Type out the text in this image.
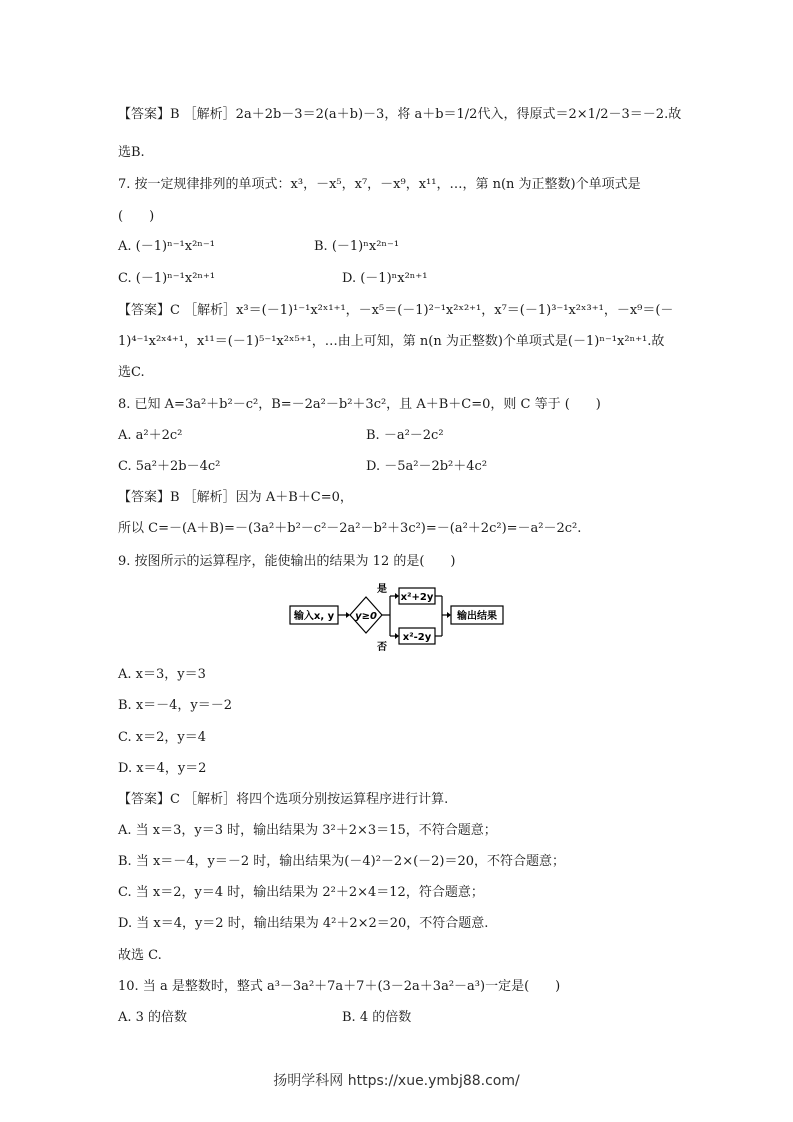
【答案】B ［解析］2a＋2b－3＝2(a＋b)－3，将 a＋b＝1/2代入，得原式＝2×1/2－3＝－2.故
选B.
7. 按一定规律排列的单项式：x³，－x⁵，x⁷，－x⁹，x¹¹，…，第 n(n 为正整数)个单项式是
(　　)
A. (－1)ⁿ⁻¹x²ⁿ⁻¹	B. (－1)ⁿx²ⁿ⁻¹
C. (－1)ⁿ⁻¹x²ⁿ⁺¹	D. (－1)ⁿx²ⁿ⁺¹
【答案】C ［解析］x³＝(－1)¹⁻¹x²ˣ¹⁺¹，－x⁵＝(－1)²⁻¹x²ˣ²⁺¹，x⁷＝(－1)³⁻¹x²ˣ³⁺¹，－x⁹＝(－
1)⁴⁻¹x²ˣ⁴⁺¹，x¹¹＝(－1)⁵⁻¹x²ˣ⁵⁺¹，…由上可知，第 n(n 为正整数)个单项式是(－1)ⁿ⁻¹x²ⁿ⁺¹.故
选C.
8. 已知 A=3a²＋b²－c²，B=－2a²－b²＋3c²，且 A＋B＋C=0，则 C 等于 (　　)
A. a²＋2c²	B. －a²－2c²
C. 5a²＋2b－4c²	D. －5a²－2b²＋4c²
【答案】B ［解析］因为 A＋B＋C=0，
所以 C=－(A＋B)=－(3a²＋b²－c²－2a²－b²＋3c²)=－(a²＋2c²)=－a²－2c².
9. 按图所示的运算程序，能使输出的结果为 12 的是(　　)
输入x, y y≥0
是
否
x²+2y
x²-2y
输出结果
A. x＝3，y＝3
B. x＝－4，y＝－2
C. x＝2，y＝4
D. x＝4，y＝2
【答案】C ［解析］将四个选项分别按运算程序进行计算.
A. 当 x＝3，y＝3 时，输出结果为 3²＋2×3＝15，不符合题意；
B. 当 x＝－4，y＝－2 时，输出结果为(－4)²－2×(－2)＝20，不符合题意；
C. 当 x＝2，y＝4 时，输出结果为 2²＋2×4＝12，符合题意；
D. 当 x＝4，y＝2 时，输出结果为 4²＋2×2＝20，不符合题意.
故选 C.
10. 当 a 是整数时，整式 a³－3a²＋7a＋7＋(3－2a＋3a²－a³)一定是(　　)
A. 3 的倍数	B. 4 的倍数
扬明学科网 https://xue.ymbj88.com/
